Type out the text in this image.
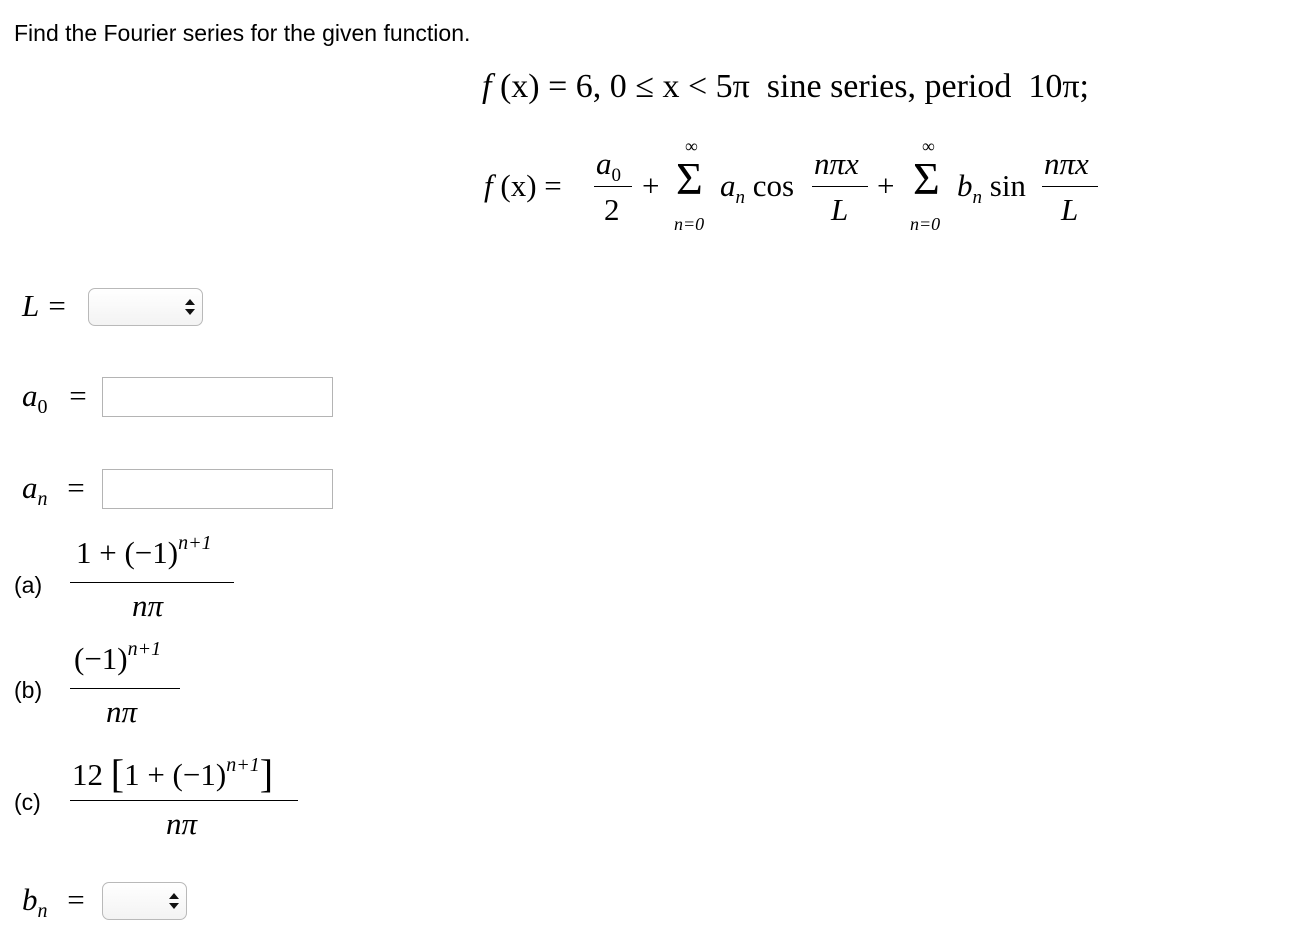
Find the Fourier series for the given function.
f (x) = 6, 0 ≤ x < 5π sine series, period 10π;
f (x) =
$a_0$
2
+
∞
Σ
n=0
$a_n$ cos
nπx
L
+
∞
Σ
n=0
$b_n$ sin
nπx
L
L =
$a_0$ =
$a_n$ =
(a)
$1 + (-1)^{n+1}$
nπ
(b)
$(-1)^{n+1}$
nπ
(c)
12 $[1 + (-1)^{n+1}]$
nπ
$b_n$ =
